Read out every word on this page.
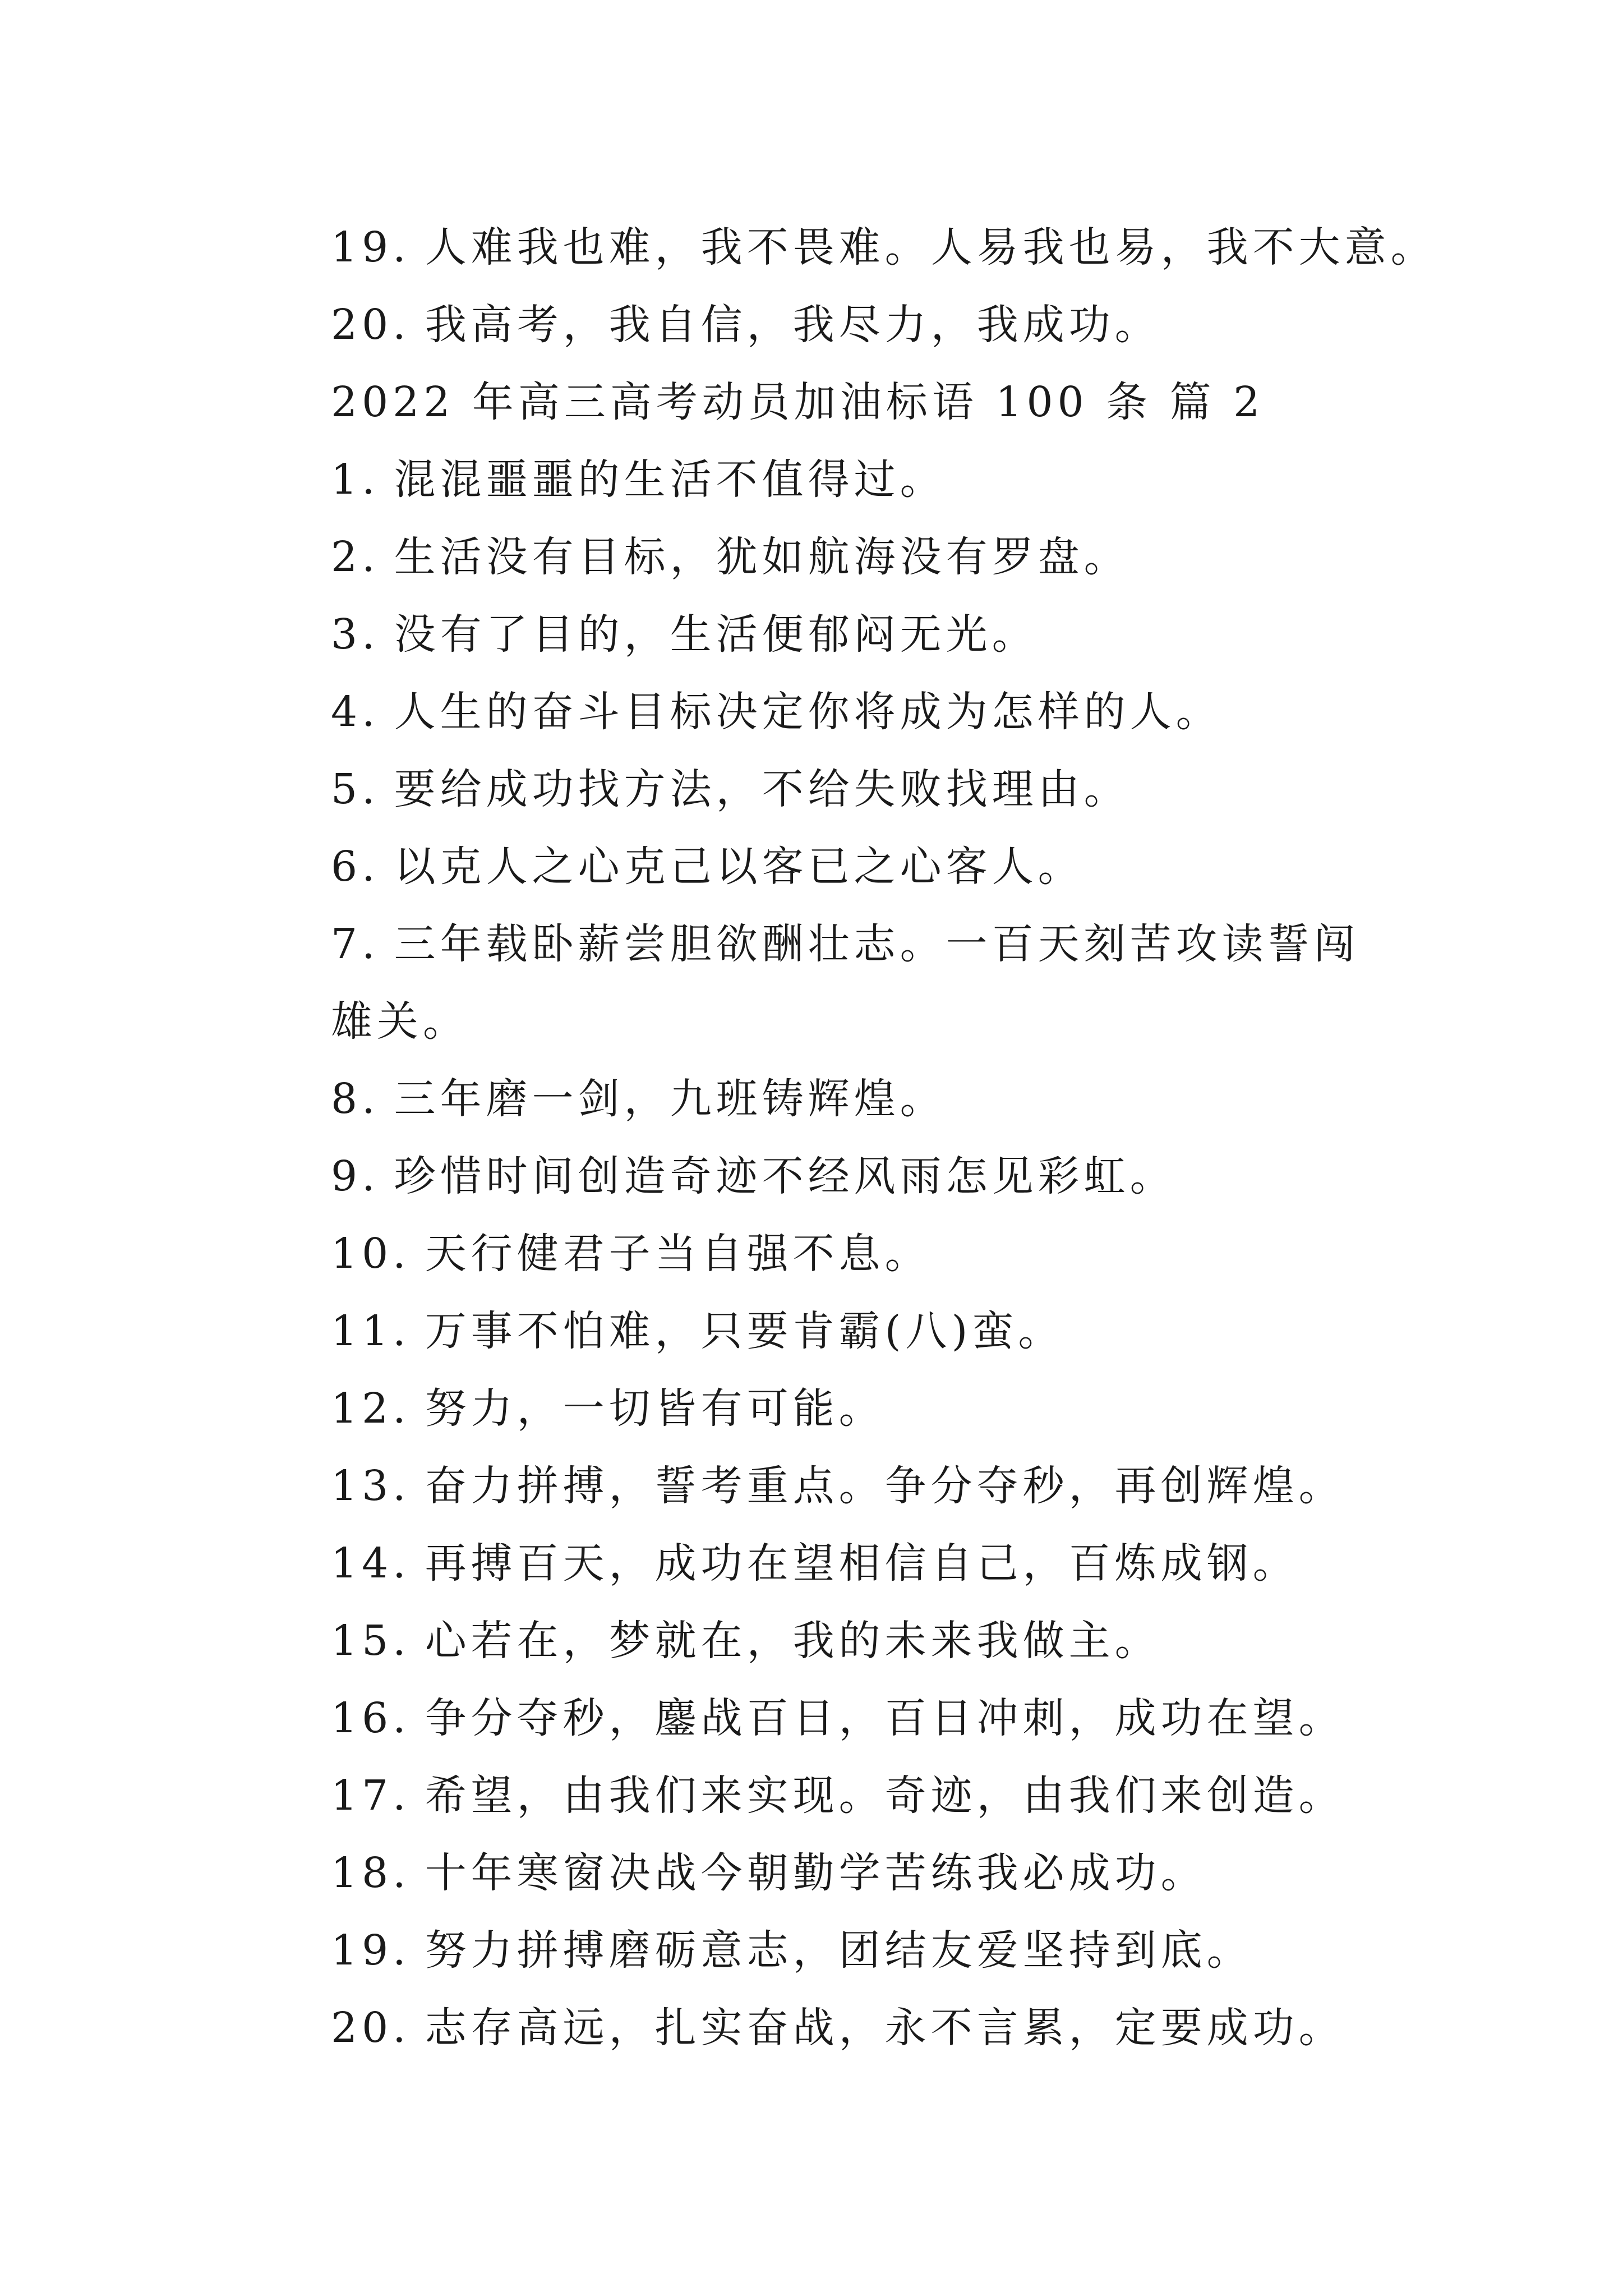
19. 人难我也难，我不畏难。人易我也易，我不大意。
20. 我高考，我自信，我尽力，我成功。
2022 年高三高考动员加油标语 100 条 篇 2
1. 混混噩噩的生活不值得过。
2. 生活没有目标，犹如航海没有罗盘。
3. 没有了目的，生活便郁闷无光。
4. 人生的奋斗目标决定你将成为怎样的人。
5. 要给成功找方法，不给失败找理由。
6. 以克人之心克己以客已之心客人。
7. 三年载卧薪尝胆欲酬壮志。一百天刻苦攻读誓闯雄关。
8. 三年磨一剑，九班铸辉煌。
9. 珍惜时间创造奇迹不经风雨怎见彩虹。
10. 天行健君子当自强不息。
11. 万事不怕难，只要肯霸(八)蛮。
12. 努力，一切皆有可能。
13. 奋力拼搏，誓考重点。争分夺秒，再创辉煌。
14. 再搏百天，成功在望相信自己，百炼成钢。
15. 心若在，梦就在，我的未来我做主。
16. 争分夺秒，鏖战百日，百日冲刺，成功在望。
17. 希望，由我们来实现。奇迹，由我们来创造。
18. 十年寒窗决战今朝勤学苦练我必成功。
19. 努力拼搏磨砺意志，团结友爱坚持到底。
20. 志存高远，扎实奋战，永不言累，定要成功。
